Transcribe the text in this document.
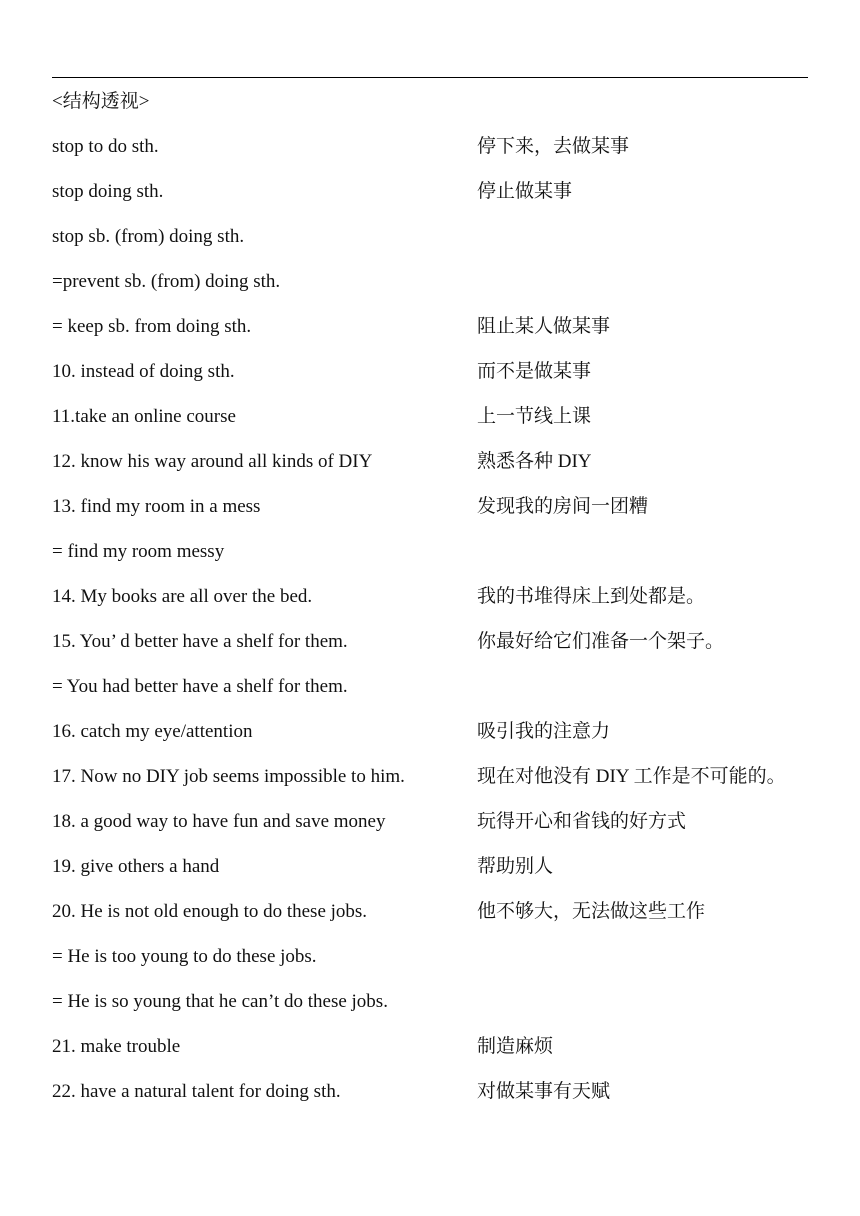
<结构透视>
stop to do sth.	停下来，去做某事
stop doing sth.	停止做某事
stop sb. (from) doing sth.
=prevent sb. (from) doing sth.
= keep sb. from doing sth.	阻止某人做某事
10. instead of doing sth.	而不是做某事
11.take an online course	上一节线上课
12. know his way around all kinds of DIY	熟悉各种 DIY
13. find my room in a mess	发现我的房间一团糟
= find my room messy
14. My books are all over the bed.	我的书堆得床上到处都是。
15. You’ d better have a shelf for them.	你最好给它们准备一个架子。
= You had better have a shelf for them.
16. catch my eye/attention	吸引我的注意力
17. Now no DIY job seems impossible to him.	现在对他没有 DIY 工作是不可能的。
18. a good way to have fun and save money	玩得开心和省钱的好方式
19. give others a hand	帮助别人
20. He is not old enough to do these jobs.	他不够大，无法做这些工作
= He is too young to do these jobs.
= He is so young that he can’t do these jobs.
21. make trouble	制造麻烦
22. have a natural talent for doing sth.	对做某事有天赋
